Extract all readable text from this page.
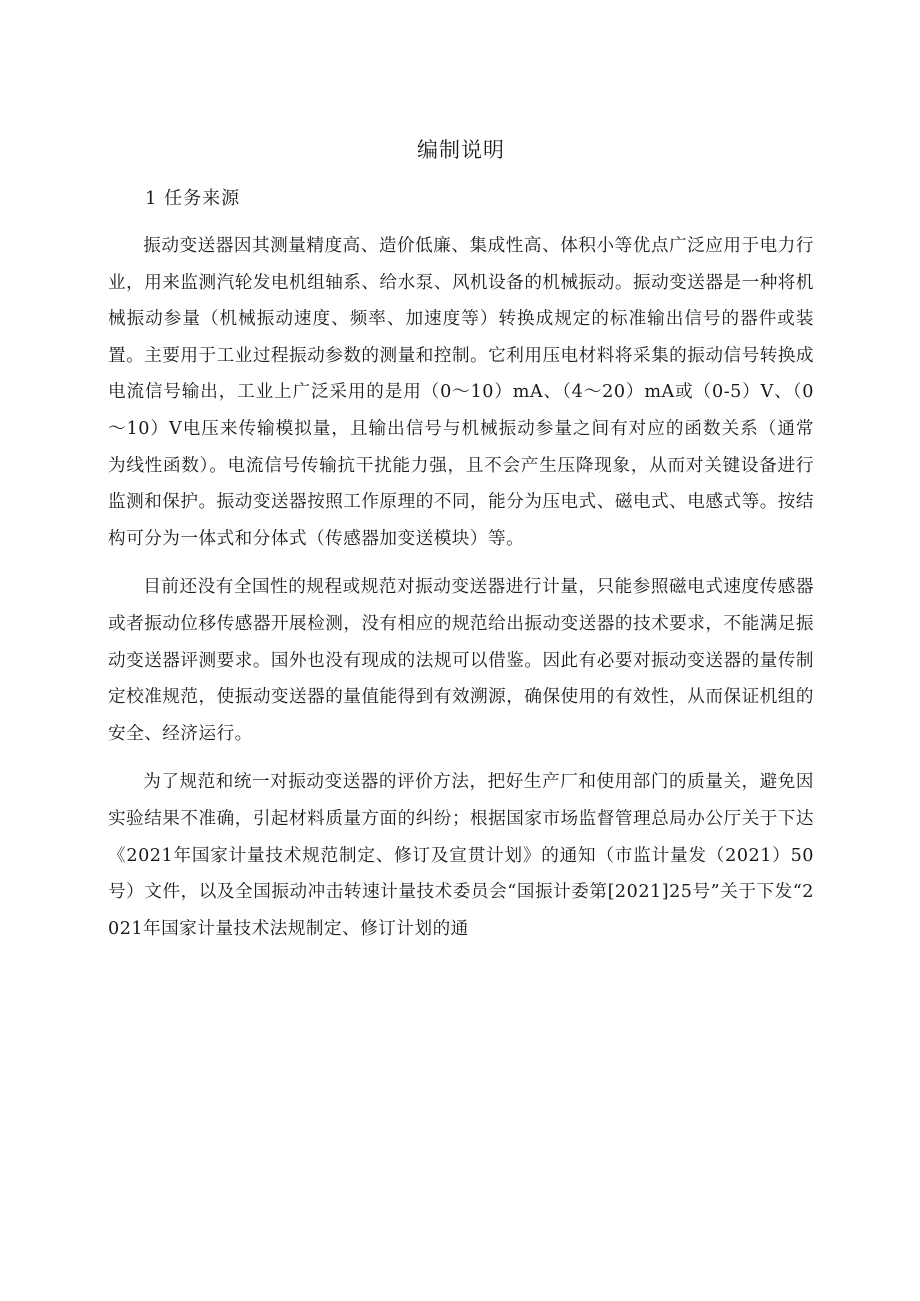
编制说明
1 任务来源

振动变送器因其测量精度高、造价低廉、集成性高、体积小等优点广泛应用于电力行业，用来监测汽轮发电机组轴系、给水泵、风机设备的机械振动。振动变送器是一种将机械振动参量（机械振动速度、频率、加速度等）转换成规定的标准输出信号的器件或装置。主要用于工业过程振动参数的测量和控制。它利用压电材料将采集的振动信号转换成电流信号输出，工业上广泛采用的是用（0～10）mA、（4～20）mA或（0-5）V、（0～10）V电压来传输模拟量，且输出信号与机械振动参量之间有对应的函数关系（通常为线性函数）。电流信号传输抗干扰能力强，且不会产生压降现象，从而对关键设备进行监测和保护。振动变送器按照工作原理的不同，能分为压电式、磁电式、电感式等。按结构可分为一体式和分体式（传感器加变送模块）等。

目前还没有全国性的规程或规范对振动变送器进行计量，只能参照磁电式速度传感器或者振动位移传感器开展检测，没有相应的规范给出振动变送器的技术要求，不能满足振动变送器评测要求。国外也没有现成的法规可以借鉴。因此有必要对振动变送器的量传制定校准规范，使振动变送器的量值能得到有效溯源，确保使用的有效性，从而保证机组的安全、经济运行。

为了规范和统一对振动变送器的评价方法，把好生产厂和使用部门的质量关，避免因实验结果不准确，引起材料质量方面的纠纷；根据国家市场监督管理总局办公厅关于下达《2021年国家计量技术规范制定、修订及宣贯计划》的通知（市监计量发（2021）50号）文件，以及全国振动冲击转速计量技术委员会“国振计委第[2021]25号”关于下发“2021年国家计量技术法规制定、修订计划的通
